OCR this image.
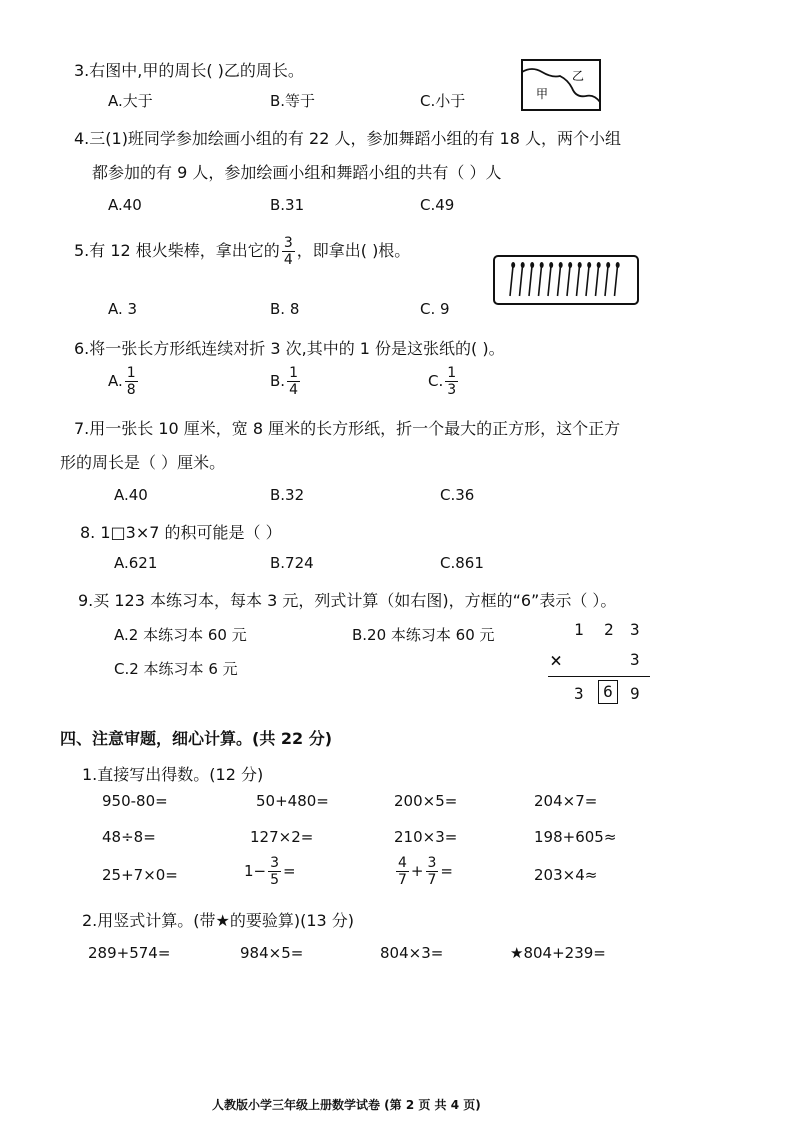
3.右图中,甲的周长( )乙的周长。
A.大于	B.等于	C.小于	甲
乙
4.三(1)班同学参加绘画小组的有 22 人，参加舞蹈小组的有 18 人，两个小组
都参加的有 9 人，参加绘画小组和舞蹈小组的共有（ ）人
A.40	B.31	C.49
5.有 12 根火柴棒，拿出它的 $\frac{3}{4}$ ，即拿出( )根。
A. 3	B. 8	C. 9
6.将一张长方形纸连续对折 3 次,其中的 1 份是这张纸的( )。
A. $\frac{1}{8}$	B. $\frac{1}{4}$	C. $\frac{1}{3}$
7.用一张长 10 厘米，宽 8 厘米的长方形纸，折一个最大的正方形，这个正方
形的周长是（ ）厘米。
A.40	B.32	C.36
8. 1□3×7 的积可能是（ ）
A.621	B.724	C.861
9.买 123 本练习本，每本 3 元，列式计算（如右图)，方框的“6”表示（ ）。
A.2 本练习本 60 元	B.20 本练习本 60 元
C.2 本练习本 6 元
1 2 3
×	3
3	6	9
四、注意审题，细心计算。(共 22 分)
1.直接写出得数。(12 分)
950-80=	50+480=	200×5=	204×7=
48÷8=	127×2=	210×3=	198+605≈
25+7×0=	$1- \frac{3}{5}$ =	$\frac{4}{7} + \frac{3}{7}$ =	203×4≈
2.用竖式计算。(带★的要验算)(13 分)
289+574=	984×5=	804×3=	★804+239=
人教版小学三年级上册数学试卷 (第 2 页 共 4 页)
